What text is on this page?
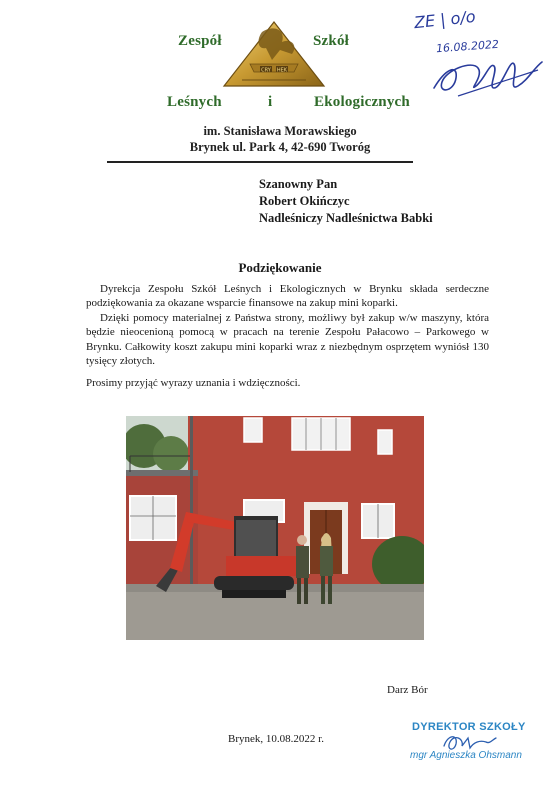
Zespół	Szkół
CRY HEK
Leśnych	i	Ekologicznych
im. Stanisława Morawskiego
Brynek ul. Park 4, 42-690 Tworóg
ZE | o/o
16.08.2022
Szanowny Pan
Robert Okińczyc
Nadleśniczy Nadleśnictwa Babki
Podziękowanie
Dyrekcja Zespołu Szkół Leśnych i Ekologicznych w Brynku składa serdeczne podziękowania za okazane wsparcie finansowe na zakup mini koparki.
Dzięki pomocy materialnej z Państwa strony, możliwy był zakup w/w maszyny, która będzie nieocenioną pomocą w pracach na terenie Zespołu Pałacowo – Parkowego w Brynku. Całkowity koszt zakupu mini koparki wraz z niezbędnym osprzętem wyniósł 130 tysięcy złotych.
Prosimy przyjąć wyrazy uznania i wdzięczności.
Darz Bór
Brynek, 10.08.2022 r.
DYREKTOR SZKOŁY
mgr Agnieszka Ohsmann
